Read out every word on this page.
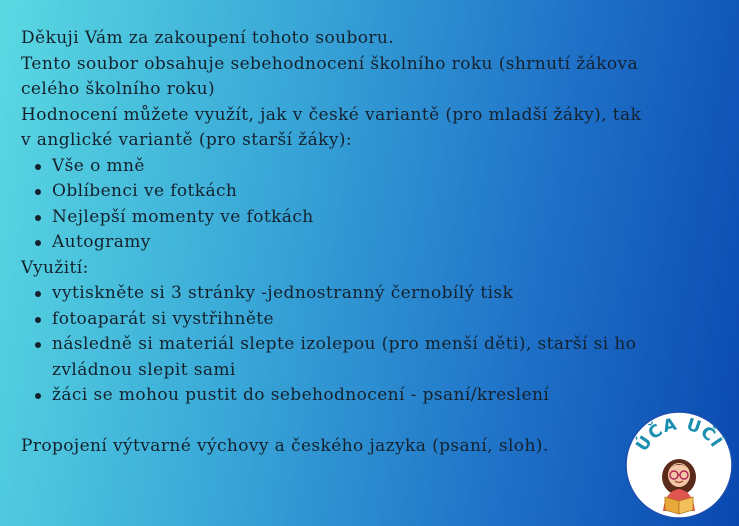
Děkuji Vám za zakoupení tohoto souboru.
Tento soubor obsahuje sebehodnocení školního roku (shrnutí žákova
celého školního roku)
Hodnocení můžete využít, jak v české variantě (pro mladší žáky), tak
v anglické variantě (pro starší žáky):
Vše o mně
Oblíbenci ve fotkách
Nejlepší momenty ve fotkách
Autogramy
Využití:
vytiskněte si 3 stránky -jednostranný černobílý tisk
fotoaparát si vystřihněte
následně si materiál slepte izolepou (pro menší děti), starší si ho
zvládnou slepit sami
žáci se mohou pustit do sebehodnocení - psaní/kreslení
Propojení výtvarné výchovy a českého jazyka (psaní, sloh).	ÚČA UČÍ
